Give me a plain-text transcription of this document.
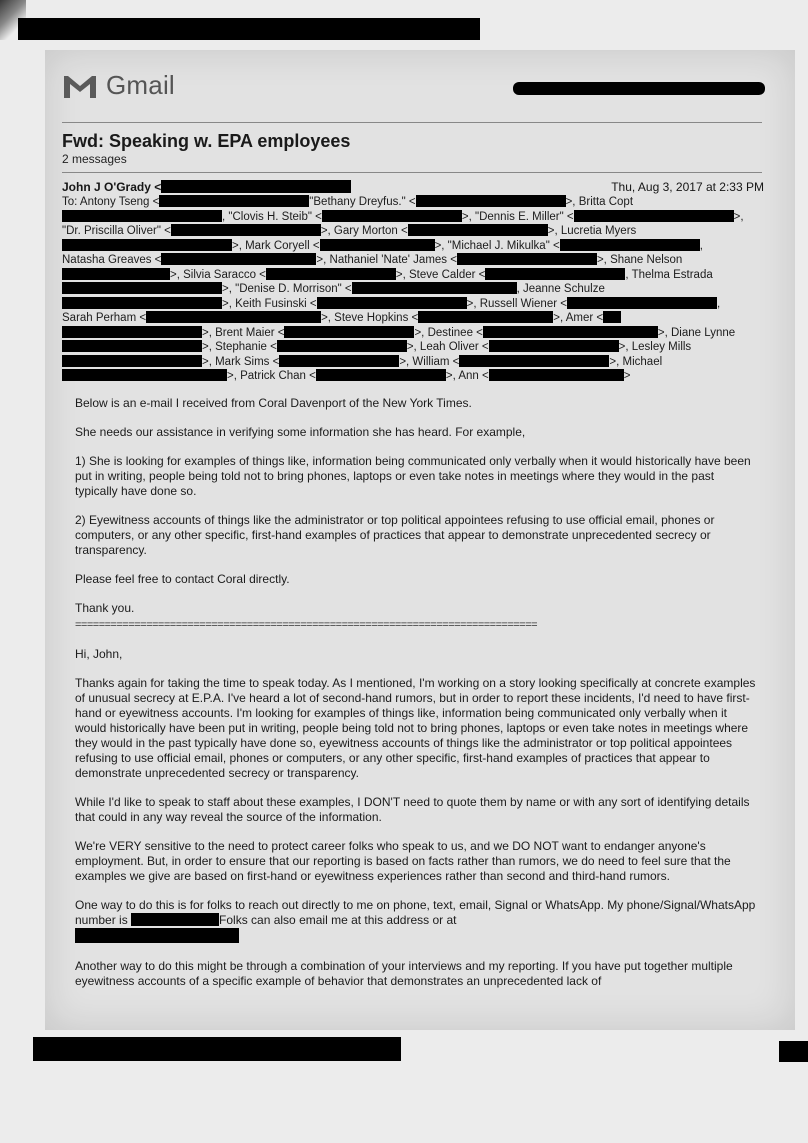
Gmail
Fwd: Speaking w. EPA employees
2 messages
John J O'Grady <	Thu, Aug 3, 2017 at 2:33 PM
To: Antony Tseng <	"Bethany Dreyfus." <	>, Britta Copt
, "Clovis H. Steib" <	>, "Dennis E. Miller" <	>,
"Dr. Priscilla Oliver" <	>, Gary Morton <	>, Lucretia Myers
>, Mark Coryell <	>, "Michael J. Mikulka" <	,
Natasha Greaves <	>, Nathaniel 'Nate' James <	>, Shane Nelson
>, Silvia Saracco <	>, Steve Calder <	, Thelma Estrada
>, "Denise D. Morrison" <	, Jeanne Schulze
>, Keith Fusinski <	>, Russell Wiener <	,
Sarah Perham <	>, Steve Hopkins <	>, Amer <
>, Brent Maier <	>, Destinee <	>, Diane Lynne
>, Stephanie <	>, Leah Oliver <	>, Lesley Mills
>, Mark Sims <	>, William <	>, Michael
>, Patrick Chan <	>, Ann <	>

Below is an e-mail I received from Coral Davenport of the New York Times.

She needs our assistance in verifying some information she has heard. For example,

1) She is looking for examples of things like, information being communicated only verbally when it would historically have been put in writing, people being told not to bring phones, laptops or even take notes in meetings where they would in the past typically have done so.

2) Eyewitness accounts of things like the administrator or top political appointees refusing to use official email, phones or computers, or any other specific, first-hand examples of practices that appear to demonstrate unprecedented secrecy or transparency.

Please feel free to contact Coral directly.

Thank you.

==============================================================================

Hi, John,

Thanks again for taking the time to speak today. As I mentioned, I'm working on a story looking specifically at concrete examples of unusual secrecy at E.P.A. I've heard a lot of second-hand rumors, but in order to report these incidents, I'd need to have first-hand or eyewitness accounts. I'm looking for examples of things like, information being communicated only verbally when it would historically have been put in writing, people being told not to bring phones, laptops or even take notes in meetings where they would in the past typically have done so, eyewitness accounts of things like the administrator or top political appointees refusing to use official email, phones or computers, or any other specific, first-hand examples of practices that appear to demonstrate unprecedented secrecy or transparency.

While I'd like to speak to staff about these examples, I DON'T need to quote them by name or with any sort of identifying details that could in any way reveal the source of the information.

We're VERY sensitive to the need to protect career folks who speak to us, and we DO NOT want to endanger anyone's employment. But, in order to ensure that our reporting is based on facts rather than rumors, we do need to feel sure that the examples we give are based on first-hand or eyewitness experiences rather than second and third-hand rumors.

One way to do this is for folks to reach out directly to me on phone, text, email, Signal or WhatsApp. My phone/Signal/WhatsApp number is	Folks can also email me at this address or at

Another way to do this might be through a combination of your interviews and my reporting. If you have put together multiple eyewitness accounts of a specific example of behavior that demonstrates an unprecedented lack of
